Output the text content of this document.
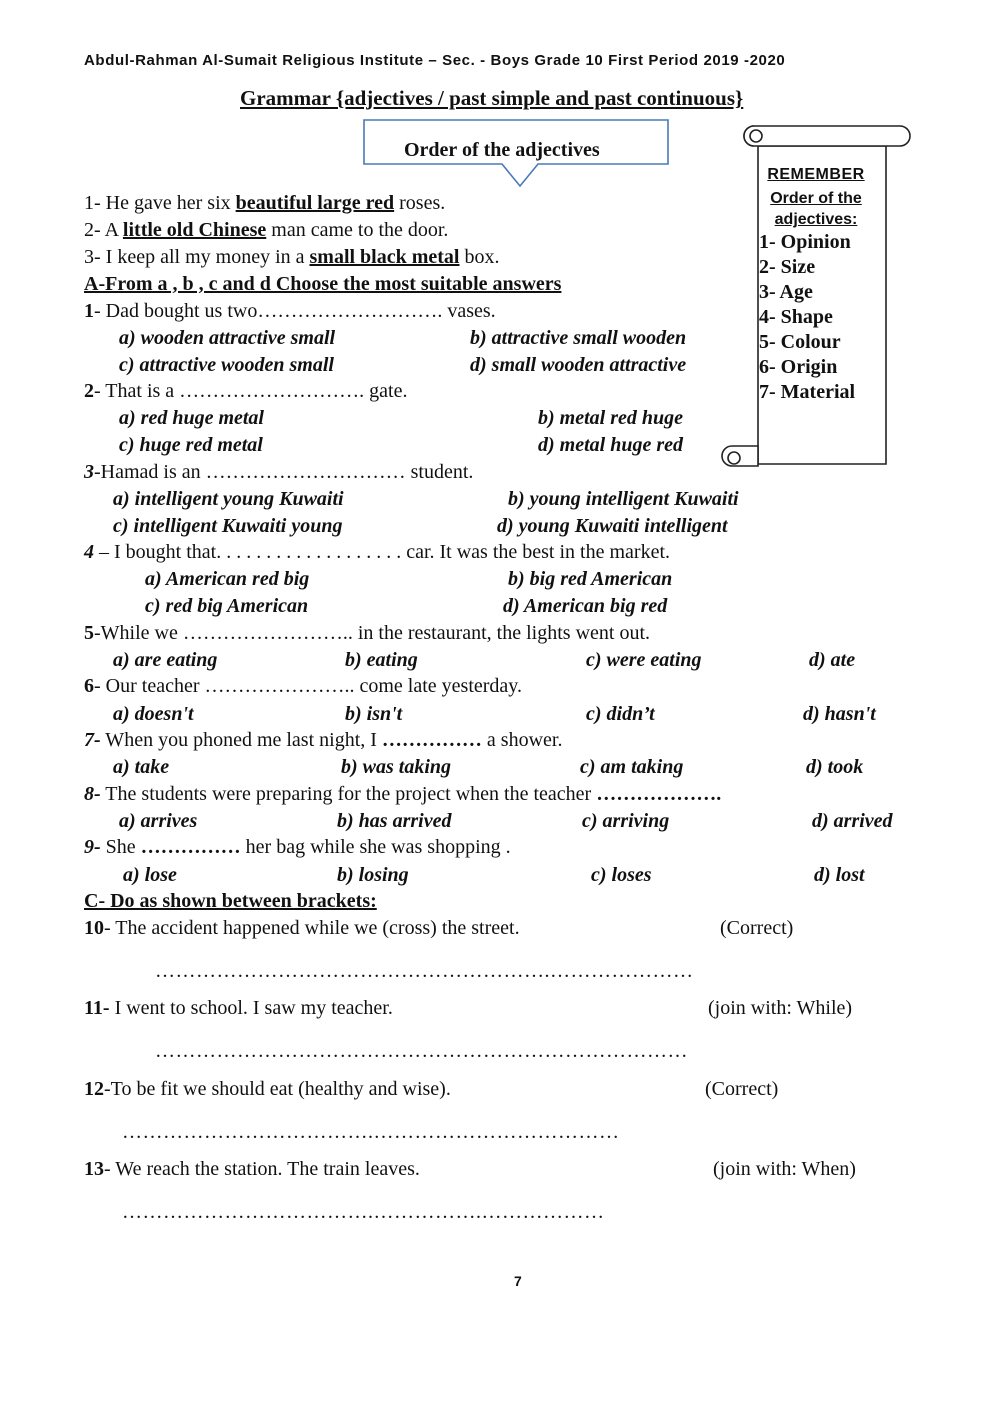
Abdul-Rahman Al-Sumait Religious Institute – Sec. - Boys Grade 10 First Period 2019 -2020
Grammar {adjectives / past simple and past continuous}
Order of the adjectives
1- He gave her six beautiful large red roses.
2- A little old Chinese man came to the door.
3- I keep all my money in a small black metal box.
REMEMBER
Order of the adjectives:
1- Opinion
2- Size
3- Age
4- Shape
5- Colour
6- Origin
7- Material
A-From a , b , c and d Choose the most suitable answers
1- Dad bought us two………………………. vases.
a) wooden attractive small	b) attractive small wooden
c) attractive wooden small	d) small wooden attractive
2- That is a ………………………. gate.
a) red huge metal	b) metal red huge
c) huge red metal	d) metal huge red
3-Hamad is an ………………………… student.
a) intelligent young Kuwaiti	b) young intelligent Kuwaiti
c) intelligent Kuwaiti young	d) young Kuwaiti intelligent
4 – I bought that. . . . . . . . . . . . . . . . . . . car. It was the best in the market.
a) American red big	b) big red American
c) red big American	d) American big red
5-While we …………………….. in the restaurant, the lights went out.
a) are eating	b) eating	c) were eating	d) ate
6- Our teacher ………………….. come late yesterday.
a) doesn't	b) isn't	c) didn’t	d) hasn't
7- When you phoned me last night, I …………… a shower.
a) take	b) was taking	c) am taking	d) took
8- The students were preparing for the project when the teacher ……………….
a) arrives	b) has arrived	c) arriving	d) arrived
9- She …………… her bag while she was shopping .
a) lose	b) losing	c) loses	d) lost
C- Do as shown between brackets:
10- The accident happened while we (cross) the street.	(Correct)
………………………………………………….…………………
11- I went to school. I saw my teacher.	(join with: While)
……………………………………………………………………
12-To be fit we should eat (healthy and wise).	(Correct)
……………………………….………………………………
13- We reach the station. The train leaves.	(join with: When)
……………………………….…………….………………
7
